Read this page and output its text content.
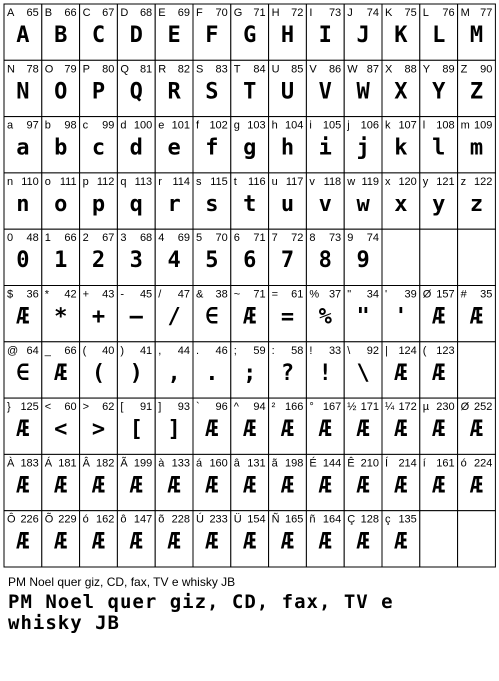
A 65
A
B 66
B
C 67
C
D 68
D
E 69
E
F 70
F
G 71
G
H 72
H
I 73
I
J 74
J
K 75
K
L 76
L
M 77
M
N 78
N
O 79
O
P 80
P
Q 81
Q
R 82
R
S 83
S
T 84
T
U 85
U
V 86
V
W 87
W
X 88
X
Y 89
Y
Z 90
Z
a 97
a
b 98
b
c 99
c
d 100
d
e 101
e
f 102
f
g 103
g
h 104
h
i 105
i
j 106
j
k 107
k
l 108
l
m 109
m
n 110
n
o 111
o
p 112
p
q 113
q
r 114
r
s 115
s
t 116
t
u 117
u
v 118
v
w 119
w
x 120
x
y 121
y
z 122
z
0 48
0
1 66
1
2 67
2
3 68
3
4 69
4
5 70
5
6 71
6
7 72
7
8 73
8
9 74
9
$ 36
Æ
* 42
*
+ 43
+
- 45
—
/ 47
/
& 38
∈
~ 71
Æ
= 61
=
% 37
%
" 34
"
' 39
'
Ø 157
Æ
# 35
Æ
@ 64
∈
_ 66
Æ
( 40
(
) 41
)
, 44
,
. 46
.
; 59
;
: 58
?
! 33
!
\ 92
\
| 124
Æ
( 123
Æ
} 125
Æ
< 60
<
> 62
>
[ 91
[
] 93
]
` 96
Æ
^ 94
Æ
² 166
Æ
° 167
Æ
½ 171
Æ
¼ 172
Æ
µ 230
Æ
Ø 252
Æ
À 183
Æ
Á 181
Æ
Â 182
Æ
Ã 199
Æ
à 133
Æ
á 160
Æ
â 131
Æ
ã 198
Æ
É 144
Æ
Ê 210
Æ
Í 214
Æ
í 161
Æ
ó 224
Æ
Ô 226
Æ
Õ 229
Æ
ó 162
Æ
ô 147
Æ
õ 228
Æ
Ú 233
Æ
Ü 154
Æ
Ñ 165
Æ
ñ 164
Æ
Ç 128
Æ
ç 135
Æ
PM Noel quer giz, CD, fax, TV e whisky JB
PM Noel quer giz, CD, fax, TV e
whisky JB
